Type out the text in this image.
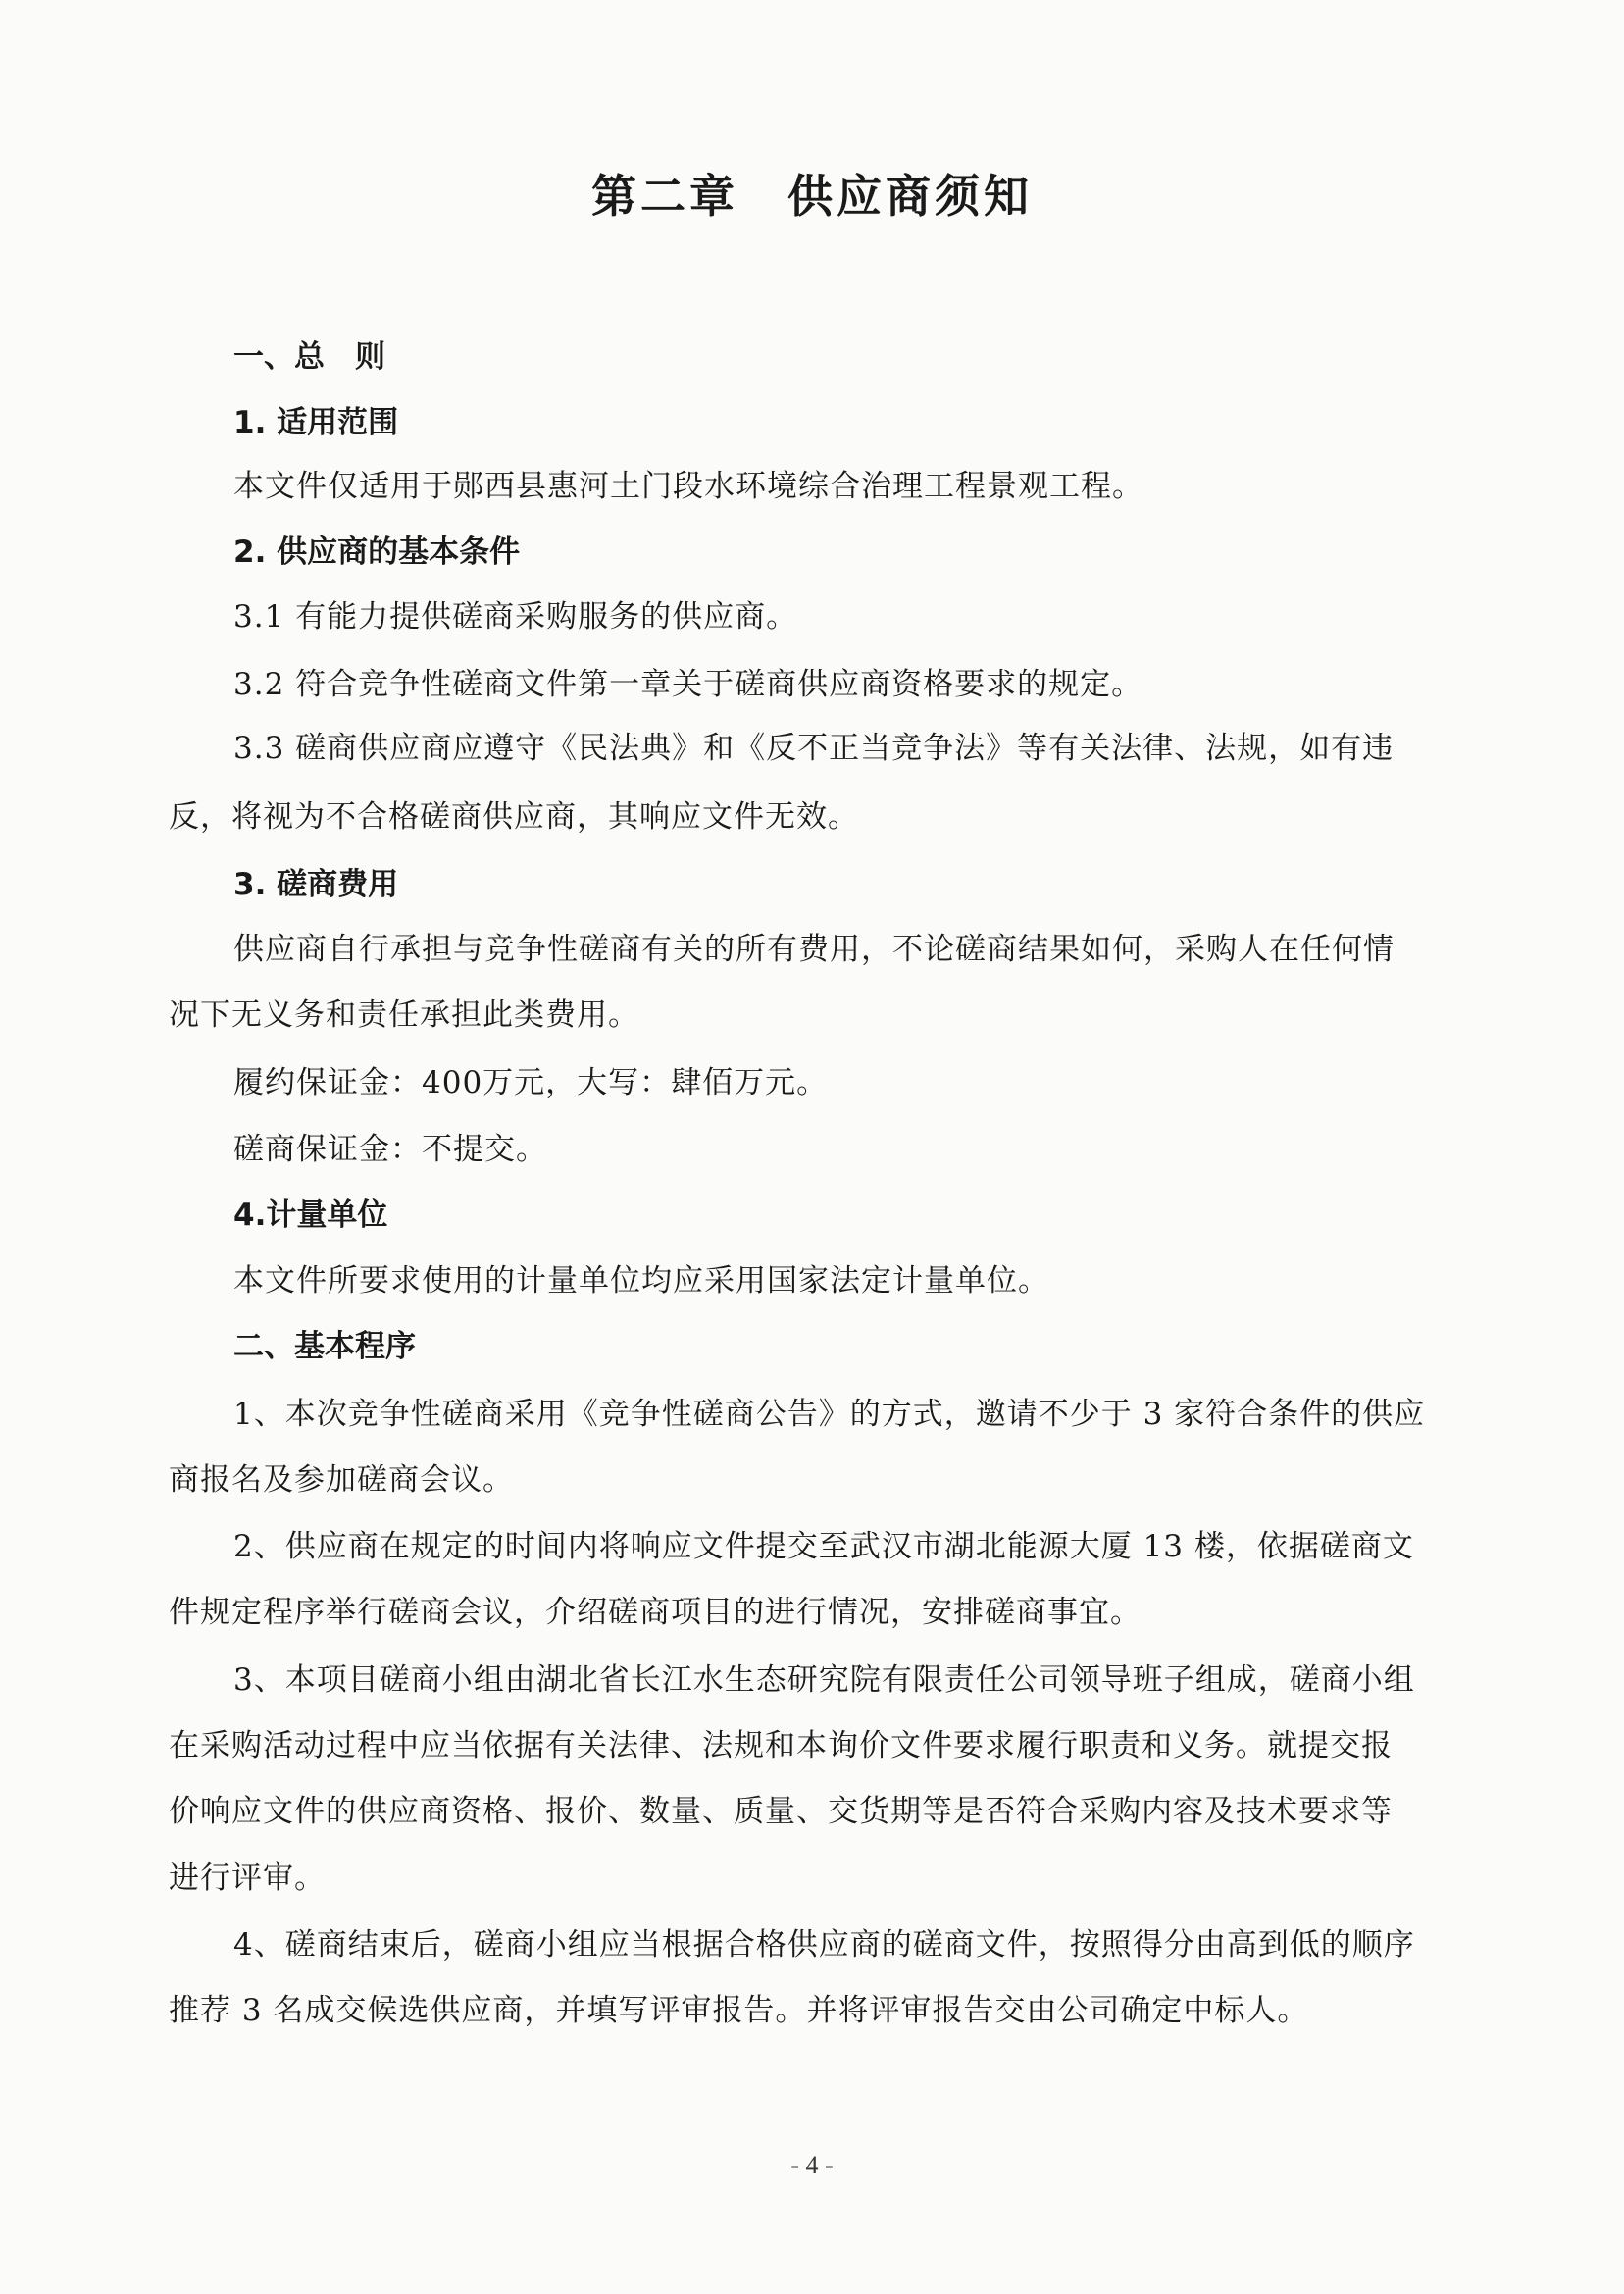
第二章　供应商须知
一、总　则
1. 适用范围
本文件仅适用于郧西县惠河土门段水环境综合治理工程景观工程。
2. 供应商的基本条件
3.1 有能力提供磋商采购服务的供应商。
3.2 符合竞争性磋商文件第一章关于磋商供应商资格要求的规定。
3.3 磋商供应商应遵守《民法典》和《反不正当竞争法》等有关法律、法规，如有违
反，将视为不合格磋商供应商，其响应文件无效。
3. 磋商费用
供应商自行承担与竞争性磋商有关的所有费用，不论磋商结果如何，采购人在任何情
况下无义务和责任承担此类费用。
履约保证金：400万元，大写：肆佰万元。
磋商保证金：不提交。
4.计量单位
本文件所要求使用的计量单位均应采用国家法定计量单位。
二、基本程序
1、本次竞争性磋商采用《竞争性磋商公告》的方式，邀请不少于 3 家符合条件的供应
商报名及参加磋商会议。
2、供应商在规定的时间内将响应文件提交至武汉市湖北能源大厦 13 楼，依据磋商文
件规定程序举行磋商会议，介绍磋商项目的进行情况，安排磋商事宜。
3、本项目磋商小组由湖北省长江水生态研究院有限责任公司领导班子组成，磋商小组
在采购活动过程中应当依据有关法律、法规和本询价文件要求履行职责和义务。就提交报
价响应文件的供应商资格、报价、数量、质量、交货期等是否符合采购内容及技术要求等
进行评审。
4、磋商结束后，磋商小组应当根据合格供应商的磋商文件，按照得分由高到低的顺序
推荐 3 名成交候选供应商，并填写评审报告。并将评审报告交由公司确定中标人。
- 4 -
